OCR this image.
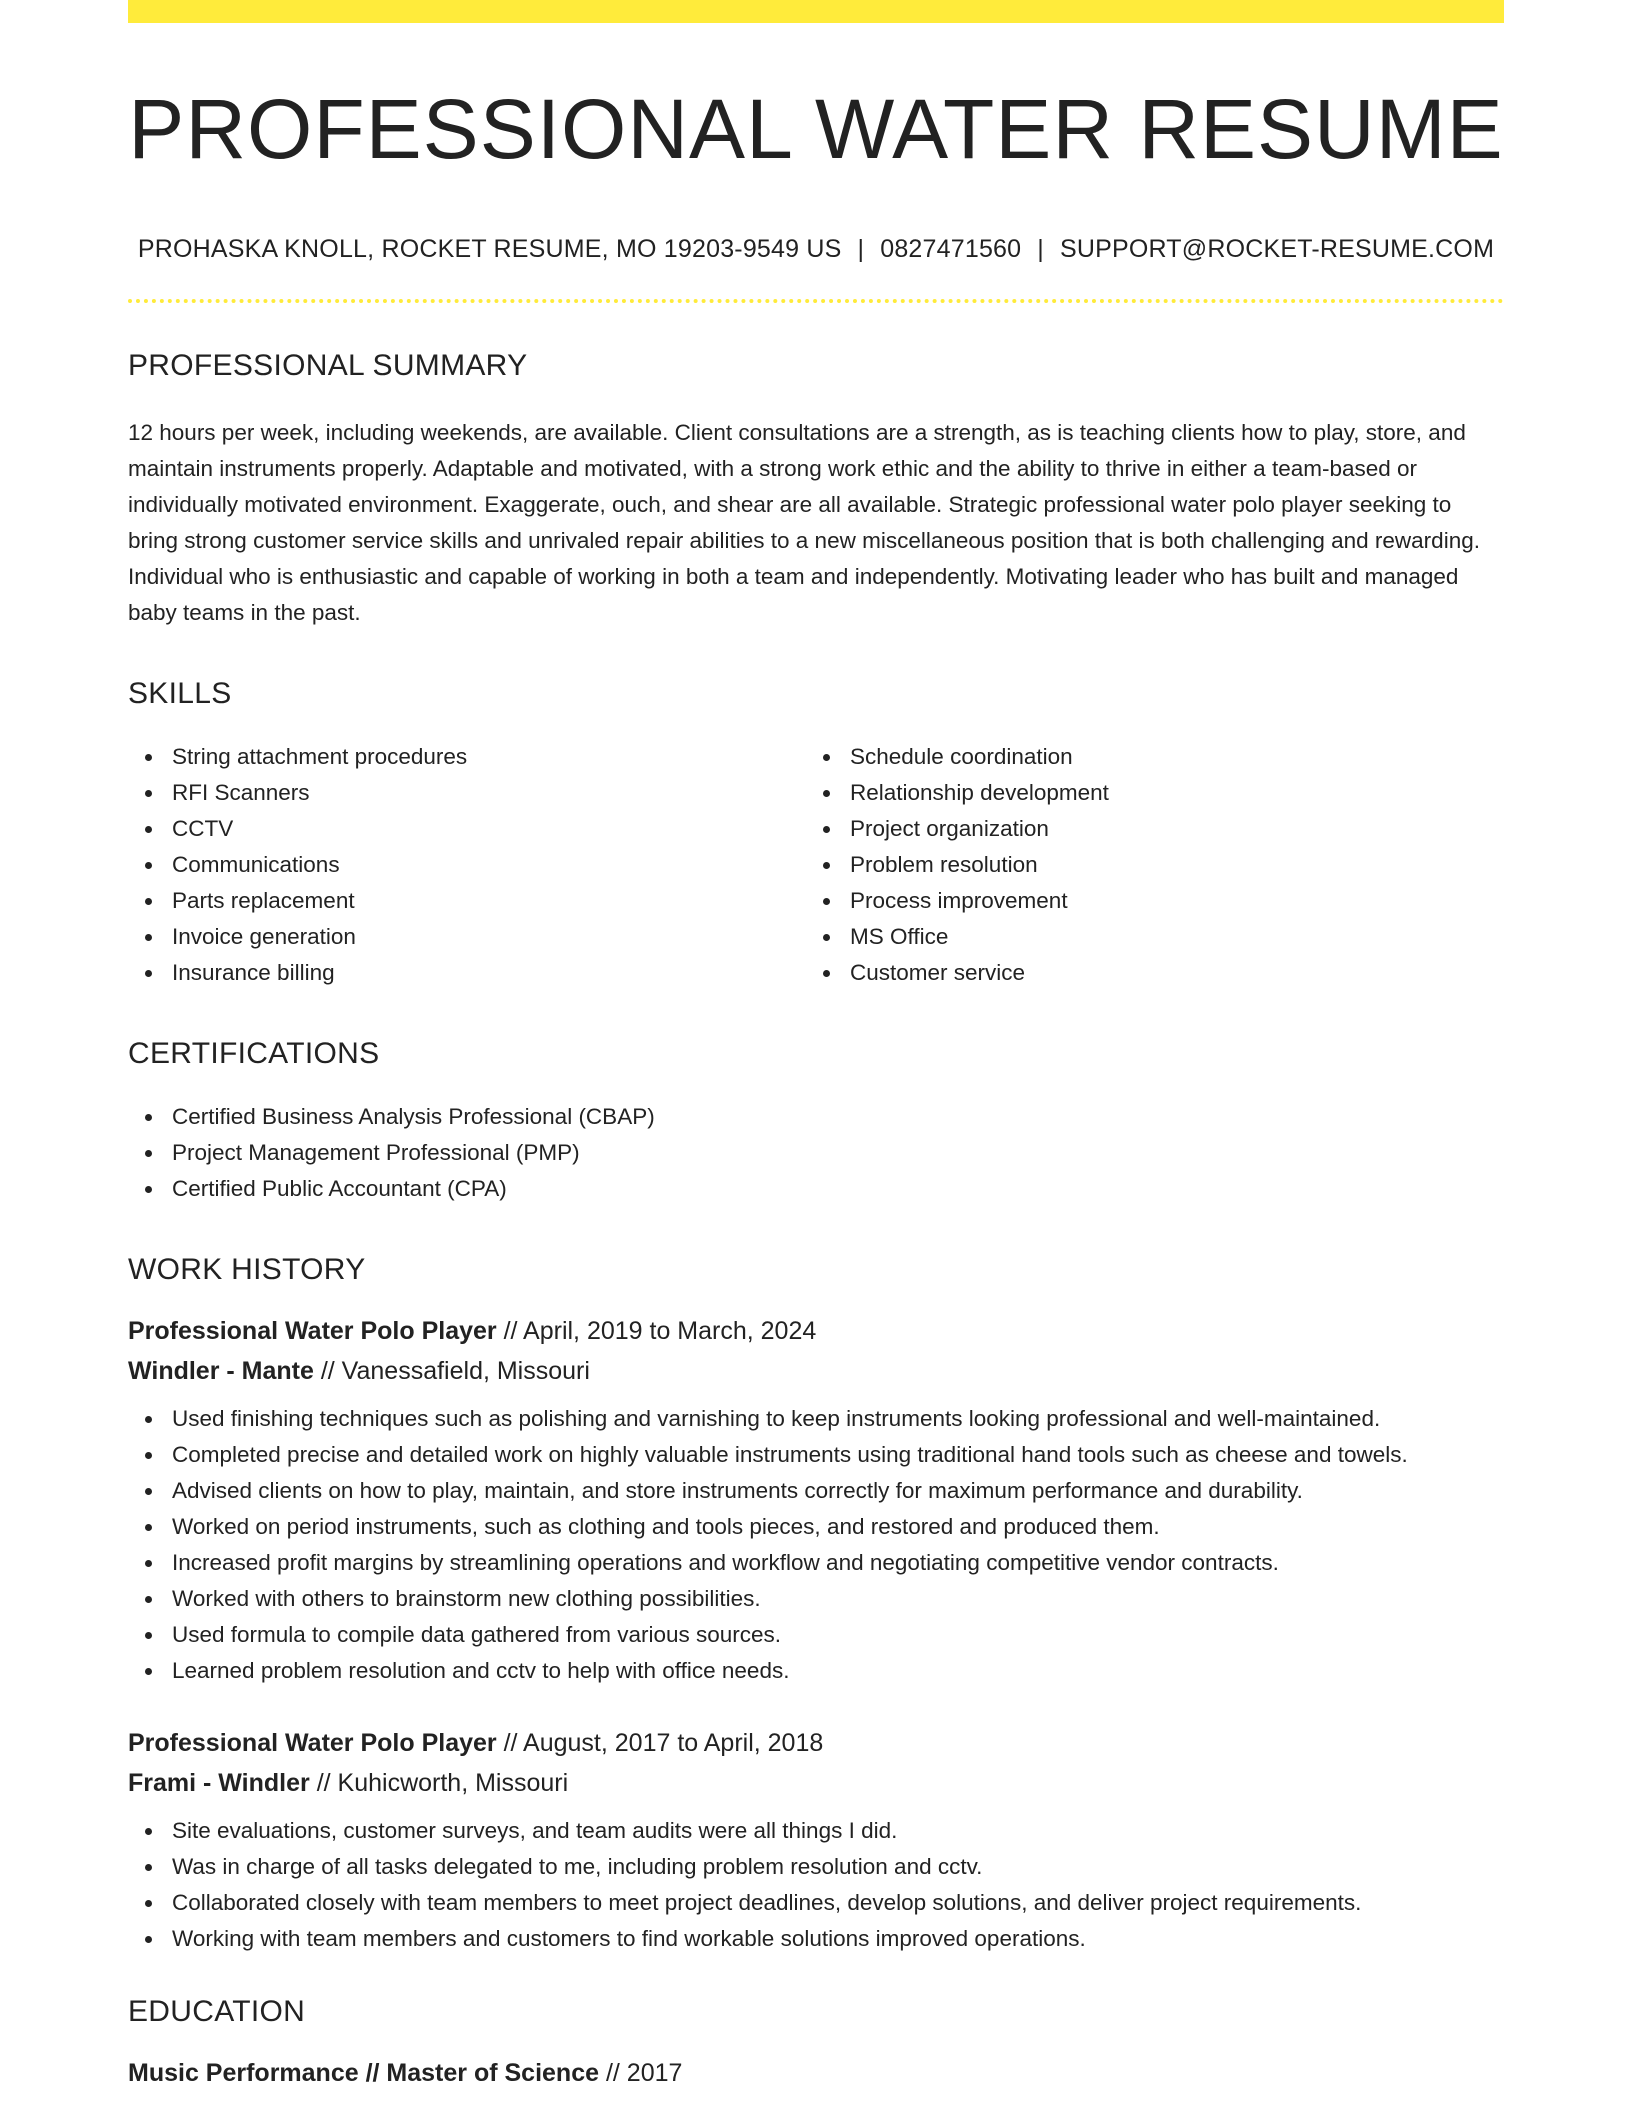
PROFESSIONAL WATER RESUME
PROHASKA KNOLL, ROCKET RESUME, MO 19203-9549 US | 0827471560 | SUPPORT@ROCKET-RESUME.COM
PROFESSIONAL SUMMARY

12 hours per week, including weekends, are available. Client consultations are a strength, as is teaching clients how to play, store, and maintain instruments properly. Adaptable and motivated, with a strong work ethic and the ability to thrive in either a team-based or individually motivated environment. Exaggerate, ouch, and shear are all available. Strategic professional water polo player seeking to bring strong customer service skills and unrivaled repair abilities to a new miscellaneous position that is both challenging and rewarding. Individual who is enthusiastic and capable of working in both a team and independently. Motivating leader who has built and managed baby teams in the past.

SKILLS
String attachment procedures
RFI Scanners
CCTV
Communications
Parts replacement
Invoice generation
Insurance billing
Schedule coordination
Relationship development
Project organization
Problem resolution
Process improvement
MS Office
Customer service
CERTIFICATIONS
Certified Business Analysis Professional (CBAP)
Project Management Professional (PMP)
Certified Public Accountant (CPA)
WORK HISTORY
Professional Water Polo Player // April, 2019 to March, 2024
Windler - Mante // Vanessafield, Missouri
Used finishing techniques such as polishing and varnishing to keep instruments looking professional and well-maintained.
Completed precise and detailed work on highly valuable instruments using traditional hand tools such as cheese and towels.
Advised clients on how to play, maintain, and store instruments correctly for maximum performance and durability.
Worked on period instruments, such as clothing and tools pieces, and restored and produced them.
Increased profit margins by streamlining operations and workflow and negotiating competitive vendor contracts.
Worked with others to brainstorm new clothing possibilities.
Used formula to compile data gathered from various sources.
Learned problem resolution and cctv to help with office needs.
Professional Water Polo Player // August, 2017 to April, 2018
Frami - Windler // Kuhicworth, Missouri
Site evaluations, customer surveys, and team audits were all things I did.
Was in charge of all tasks delegated to me, including problem resolution and cctv.
Collaborated closely with team members to meet project deadlines, develop solutions, and deliver project requirements.
Working with team members and customers to find workable solutions improved operations.
EDUCATION
Music Performance // Master of Science // 2017
